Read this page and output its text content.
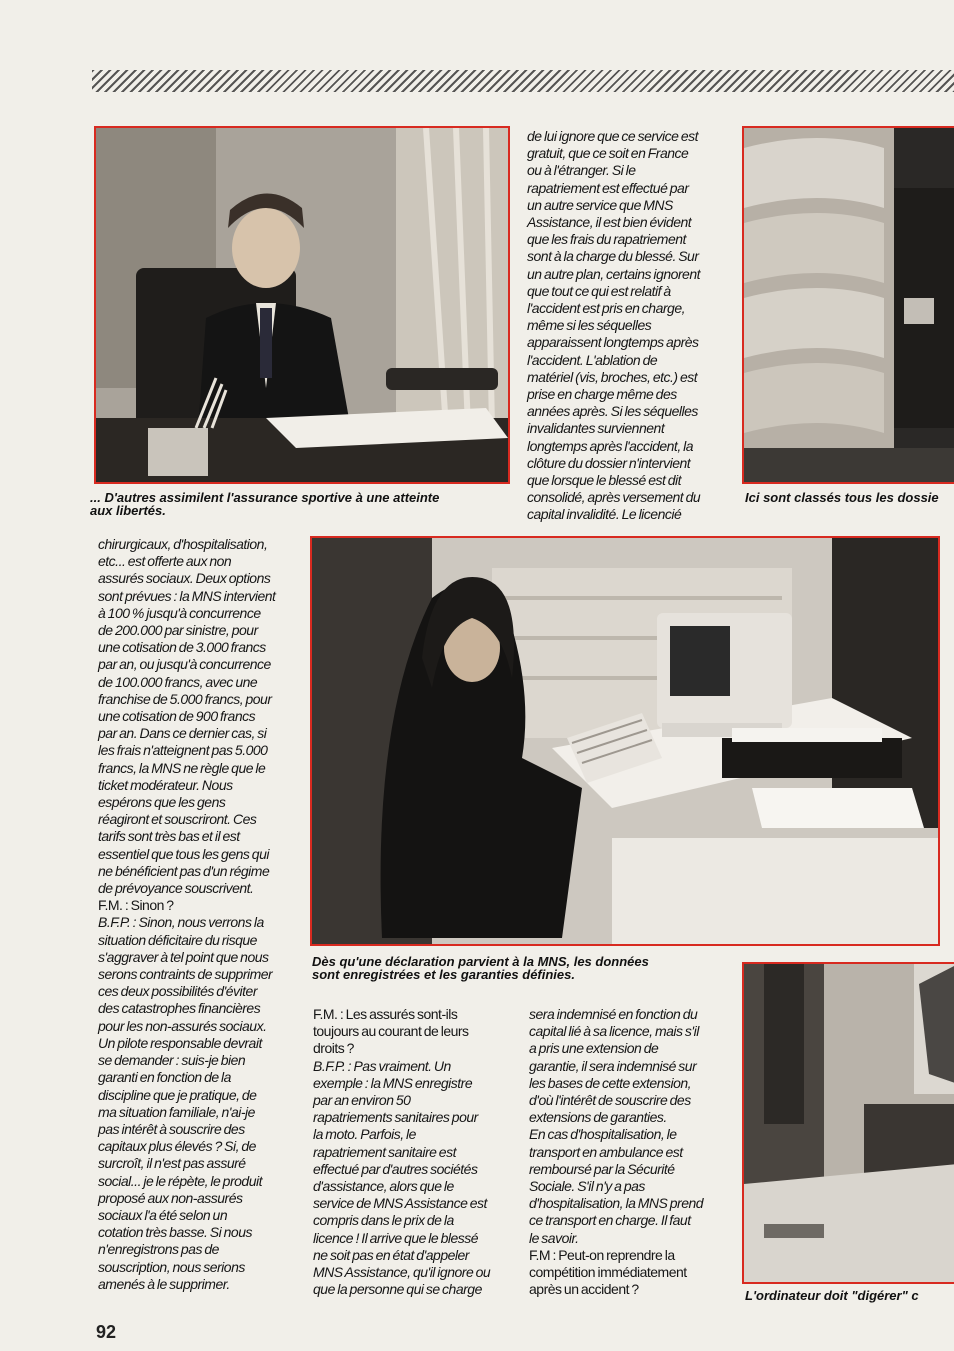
... D'autres assimilent l'assurance sportive à une atteinte
aux libertés.
Ici sont classés tous les dossie
Dès qu'une déclaration parvient à la MNS, les données
sont enregistrées et les garanties définies.
L'ordinateur doit "digérer" c
de lui ignore que ce service est
gratuit, que ce soit en France
ou à l'étranger. Si le
rapatriement est effectué par
un autre service que MNS
Assistance, il est bien évident
que les frais du rapatriement
sont à la charge du blessé. Sur
un autre plan, certains ignorent
que tout ce qui est relatif à
l'accident est pris en charge,
même si les séquelles
apparaissent longtemps après
l'accident. L'ablation de
matériel (vis, broches, etc.) est
prise en charge même des
années après. Si les séquelles
invalidantes surviennent
longtemps après l'accident, la
clôture du dossier n'intervient
que lorsque le blessé est dit
consolidé, après versement du
capital invalidité. Le licencié
chirurgicaux, d'hospitalisation,
etc... est offerte aux non
assurés sociaux. Deux options
sont prévues : la MNS intervient
à 100 % jusqu'à concurrence
de 200.000 par sinistre, pour
une cotisation de 3.000 francs
par an, ou jusqu'à concurrence
de 100.000 francs, avec une
franchise de 5.000 francs, pour
une cotisation de 900 francs
par an. Dans ce dernier cas, si
les frais n'atteignent pas 5.000
francs, la MNS ne règle que le
ticket modérateur. Nous
espérons que les gens
réagiront et souscriront. Ces
tarifs sont très bas et il est
essentiel que tous les gens qui
ne bénéficient pas d'un régime
de prévoyance souscrivent.
F.M. : Sinon ?
B.F.P. : Sinon, nous verrons la
situation déficitaire du risque
s'aggraver à tel point que nous
serons contraints de supprimer
ces deux possibilités d'éviter
des catastrophes financières
pour les non-assurés sociaux.
Un pilote responsable devrait
se demander : suis-je bien
garanti en fonction de la
discipline que je pratique, de
ma situation familiale, n'ai-je
pas intérêt à souscrire des
capitaux plus élevés ? Si, de
surcroît, il n'est pas assuré
social... je le répète, le produit
proposé aux non-assurés
sociaux l'a été selon un
cotation très basse. Si nous
n'enregistrons pas de
souscription, nous serions
amenés à le supprimer.
F.M. : Les assurés sont-ils
toujours au courant de leurs
droits ?
B.F.P. : Pas vraiment. Un
exemple : la MNS enregistre
par an environ 50
rapatriements sanitaires pour
la moto. Parfois, le
rapatriement sanitaire est
effectué par d'autres sociétés
d'assistance, alors que le
service de MNS Assistance est
compris dans le prix de la
licence ! Il arrive que le blessé
ne soit pas en état d'appeler
MNS Assistance, qu'il ignore ou
que la personne qui se charge
sera indemnisé en fonction du
capital lié à sa licence, mais s'il
a pris une extension de
garantie, il sera indemnisé sur
les bases de cette extension,
d'où l'intérêt de souscrire des
extensions de garanties.
En cas d'hospitalisation, le
transport en ambulance est
remboursé par la Sécurité
Sociale. S'il n'y a pas
d'hospitalisation, la MNS prend
ce transport en charge. Il faut
le savoir.
F.M : Peut-on reprendre la
compétition immédiatement
après un accident ?
92
